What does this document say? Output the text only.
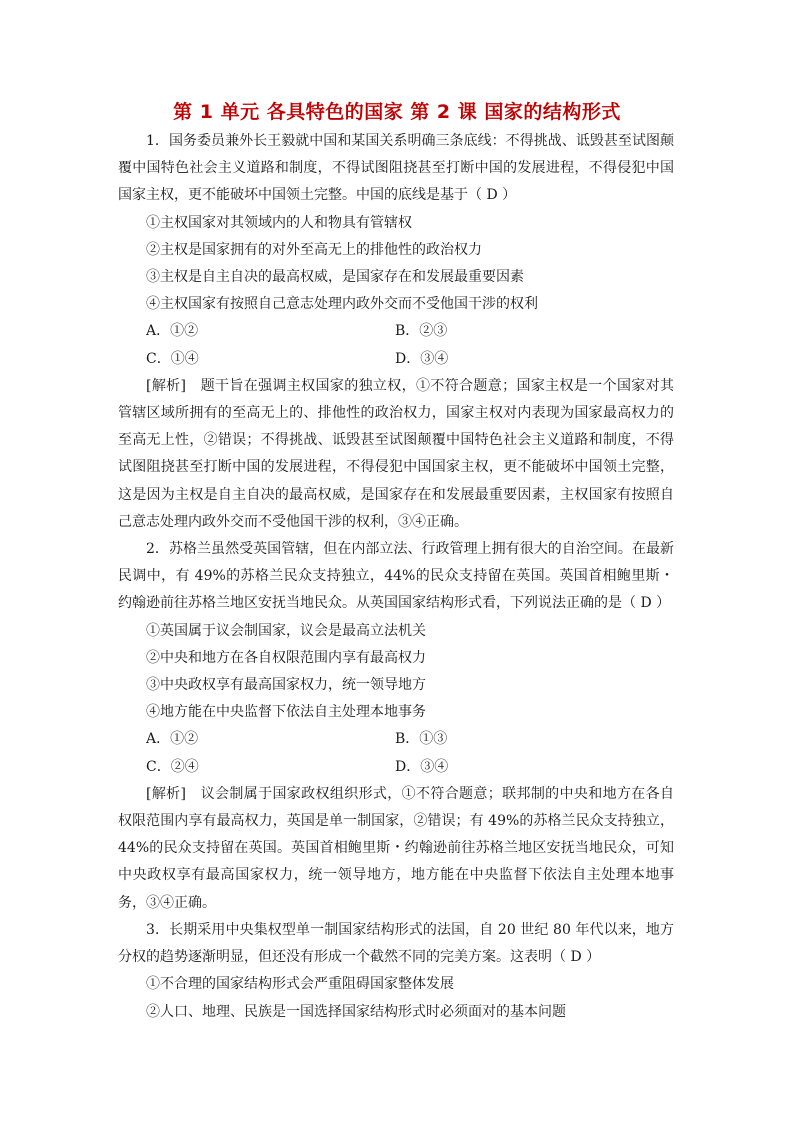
第 1 单元 各具特色的国家 第 2 课 国家的结构形式

1．国务委员兼外长王毅就中国和某国关系明确三条底线：不得挑战、诋毁甚至试图颠覆中国特色社会主义道路和制度，不得试图阻挠甚至打断中国的发展进程，不得侵犯中国国家主权，更不能破坏中国领土完整。中国的底线是基于（ D ）

①主权国家对其领域内的人和物具有管辖权

②主权是国家拥有的对外至高无上的排他性的政治权力

③主权是自主自决的最高权威，是国家存在和发展最重要因素

④主权国家有按照自己意志处理内政外交而不受他国干涉的权利

A．①②	B．②③
C．①④	D．③④

[解析]　题干旨在强调主权国家的独立权，①不符合题意；国家主权是一个国家对其管辖区域所拥有的至高无上的、排他性的政治权力，国家主权对内表现为国家最高权力的至高无上性，②错误；不得挑战、诋毁甚至试图颠覆中国特色社会主义道路和制度，不得试图阻挠甚至打断中国的发展进程，不得侵犯中国国家主权，更不能破坏中国领土完整，这是因为主权是自主自决的最高权威，是国家存在和发展最重要因素，主权国家有按照自己意志处理内政外交而不受他国干涉的权利，③④正确。

2．苏格兰虽然受英国管辖，但在内部立法、行政管理上拥有很大的自治空间。在最新民调中，有 49%的苏格兰民众支持独立，44%的民众支持留在英国。英国首相鲍里斯・约翰逊前往苏格兰地区安抚当地民众。从英国国家结构形式看，下列说法正确的是（ D ）

①英国属于议会制国家，议会是最高立法机关

②中央和地方在各自权限范围内享有最高权力

③中央政权享有最高国家权力，统一领导地方

④地方能在中央监督下依法自主处理本地事务

A．①②	B．①③
C．②④	D．③④

[解析]　议会制属于国家政权组织形式，①不符合题意；联邦制的中央和地方在各自权限范围内享有最高权力，英国是单一制国家，②错误；有 49%的苏格兰民众支持独立，44%的民众支持留在英国。英国首相鲍里斯・约翰逊前往苏格兰地区安抚当地民众，可知中央政权享有最高国家权力，统一领导地方，地方能在中央监督下依法自主处理本地事务，③④正确。

3．长期采用中央集权型单一制国家结构形式的法国，自 20 世纪 80 年代以来，地方分权的趋势逐渐明显，但还没有形成一个截然不同的完美方案。这表明（ D ）

①不合理的国家结构形式会严重阻碍国家整体发展

②人口、地理、民族是一国选择国家结构形式时必须面对的基本问题
